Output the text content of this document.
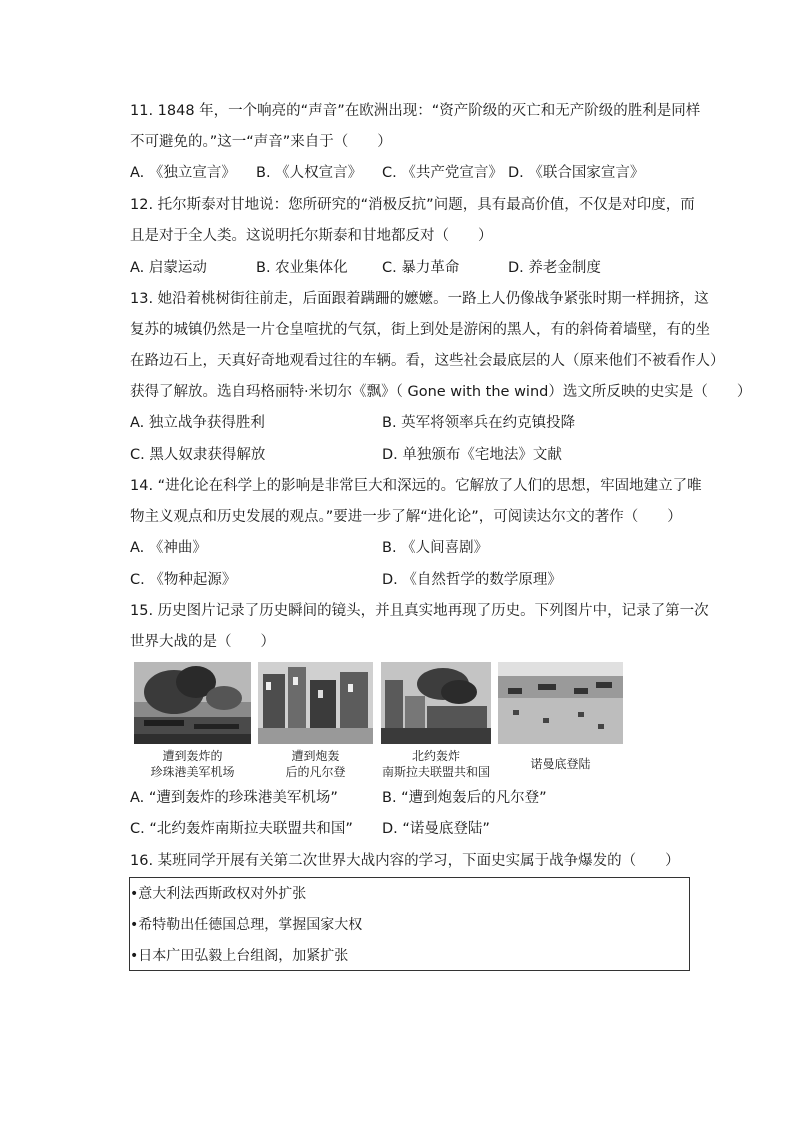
11. 1848 年，一个响亮的“声音”在欧洲出现：“资产阶级的灭亡和无产阶级的胜利是同样
不可避免的。”这一“声音”来自于（　　）
A. 《独立宣言》 B. 《人权宣言》 C. 《共产党宣言》 D. 《联合国家宣言》
12. 托尔斯泰对甘地说：您所研究的“消极反抗”问题，具有最高价值，不仅是对印度，而
且是对于全人类。这说明托尔斯泰和甘地都反对（　　）
A. 启蒙运动	B. 农业集体化 C. 暴力革命	D. 养老金制度
13. 她沿着桃树街往前走，后面跟着蹒跚的嬷嬷。一路上人仍像战争紧张时期一样拥挤，这
复苏的城镇仍然是一片仓皇喧扰的气氛，街上到处是游闲的黑人，有的斜倚着墙壁，有的坐
在路边石上，天真好奇地观看过往的车辆。看，这些社会最底层的人（原来他们不被看作人）
获得了解放。选自玛格丽特·米切尔《飘》（ Gone with the wind）选文所反映的史实是（　　）
A. 独立战争获得胜利	B. 英军将领率兵在约克镇投降
C. 黑人奴隶获得解放	D. 单独颁布《宅地法》文献
14. “进化论在科学上的影响是非常巨大和深远的。它解放了人们的思想，牢固地建立了唯
物主义观点和历史发展的观点。”要进一步了解“进化论”，可阅读达尔文的著作（　　）
A. 《神曲》	B. 《人间喜剧》
C. 《物种起源》	D. 《自然哲学的数学原理》
15. 历史图片记录了历史瞬间的镜头，并且真实地再现了历史。下列图片中，记录了第一次
世界大战的是（　　）
遭到轰炸的
珍珠港美军机场
遭到炮轰
后的凡尔登
北约轰炸
南斯拉夫联盟共和国
诺曼底登陆
A. “遭到轰炸的珍珠港美军机场”	B. “遭到炮轰后的凡尔登”
C. “北约轰炸南斯拉夫联盟共和国” D. “诺曼底登陆”
16. 某班同学开展有关第二次世界大战内容的学习，下面史实属于战争爆发的（　　）
•意大利法西斯政权对外扩张
•希特勒出任德国总理，掌握国家大权
•日本广田弘毅上台组阁，加紧扩张
